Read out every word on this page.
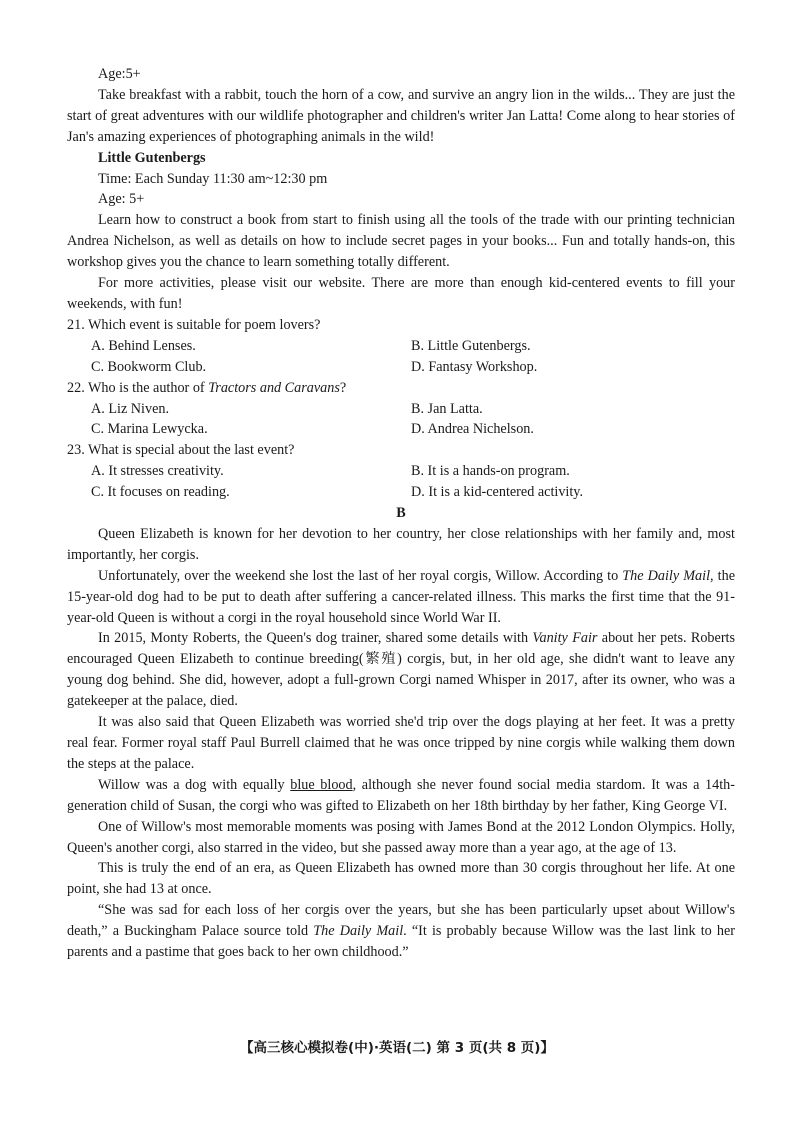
Age:5+

Take breakfast with a rabbit, touch the horn of a cow, and survive an angry lion in the wilds... They are just the start of great adventures with our wildlife photographer and children's writer Jan Latta! Come along to hear stories of Jan's amazing experiences of photographing animals in the wild!

Little Gutenbergs

Time: Each Sunday 11:30 am~12:30 pm

Age: 5+

Learn how to construct a book from start to finish using all the tools of the trade with our printing technician Andrea Nichelson, as well as details on how to include secret pages in your books... Fun and totally hands-on, this workshop gives you the chance to learn something totally different.

For more activities, please visit our website. There are more than enough kid-centered events to fill your weekends, with fun!

21. Which event is suitable for poem lovers?

A. Behind Lenses.	B. Little Gutenbergs.
C. Bookworm Club.	D. Fantasy Workshop.

22. Who is the author of Tractors and Caravans?

A. Liz Niven.	B. Jan Latta.
C. Marina Lewycka.	D. Andrea Nichelson.

23. What is special about the last event?

A. It stresses creativity.	B. It is a hands-on program.
C. It focuses on reading.	D. It is a kid-centered activity.

B

Queen Elizabeth is known for her devotion to her country, her close relationships with her family and, most importantly, her corgis.

Unfortunately, over the weekend she lost the last of her royal corgis, Willow. According to The Daily Mail, the 15-year-old dog had to be put to death after suffering a cancer-related illness. This marks the first time that the 91-year-old Queen is without a corgi in the royal household since World War II.

In 2015, Monty Roberts, the Queen's dog trainer, shared some details with Vanity Fair about her pets. Roberts encouraged Queen Elizabeth to continue breeding(繁殖) corgis, but, in her old age, she didn't want to leave any young dog behind. She did, however, adopt a full-grown Corgi named Whisper in 2017, after its owner, who was a gatekeeper at the palace, died.

It was also said that Queen Elizabeth was worried she'd trip over the dogs playing at her feet. It was a pretty real fear. Former royal staff Paul Burrell claimed that he was once tripped by nine corgis while walking them down the steps at the palace.

Willow was a dog with equally blue blood, although she never found social media stardom. It was a 14th-generation child of Susan, the corgi who was gifted to Elizabeth on her 18th birthday by her father, King George VI.

One of Willow's most memorable moments was posing with James Bond at the 2012 London Olympics. Holly, Queen's another corgi, also starred in the video, but she passed away more than a year ago, at the age of 13.

This is truly the end of an era, as Queen Elizabeth has owned more than 30 corgis throughout her life. At one point, she had 13 at once.

“She was sad for each loss of her corgis over the years, but she has been particularly upset about Willow's death,” a Buckingham Palace source told The Daily Mail. “It is probably because Willow was the last link to her parents and a pastime that goes back to her own childhood.”

【高三核心模拟卷(中)·英语(二) 第 3 页(共 8 页)】
